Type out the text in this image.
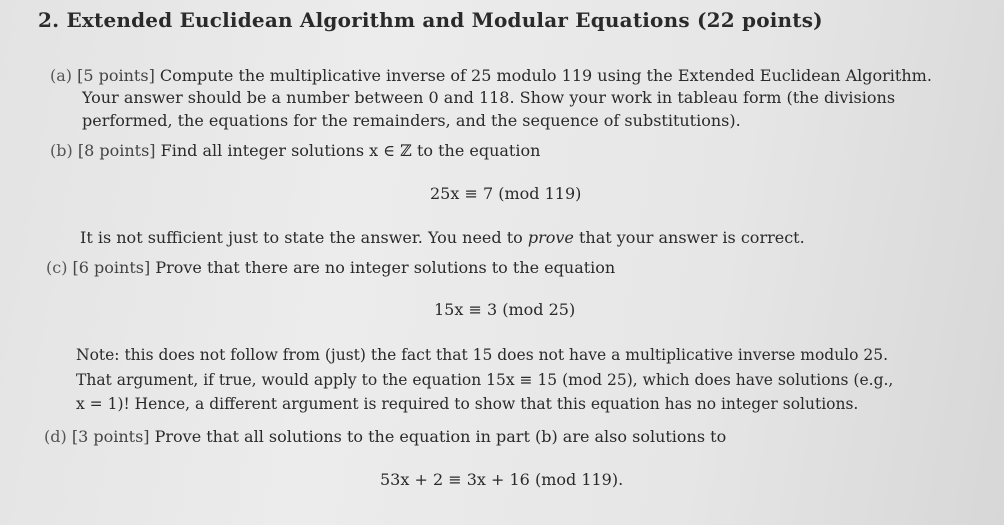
2. Extended Euclidean Algorithm and Modular Equations (22 points)
(a) [5 points] Compute the multiplicative inverse of 25 modulo 119 using the Extended Euclidean Algorithm.
Your answer should be a number between 0 and 118. Show your work in tableau form (the divisions
performed, the equations for the remainders, and the sequence of substitutions).
(b) [8 points] Find all integer solutions x ∈ ℤ to the equation
25x ≡ 7 (mod 119)
It is not sufficient just to state the answer. You need to prove that your answer is correct.
(c) [6 points] Prove that there are no integer solutions to the equation
15x ≡ 3 (mod 25)
Note: this does not follow from (just) the fact that 15 does not have a multiplicative inverse modulo 25.
That argument, if true, would apply to the equation 15x ≡ 15 (mod 25), which does have solutions (e.g.,
x = 1)! Hence, a different argument is required to show that this equation has no integer solutions.
(d) [3 points] Prove that all solutions to the equation in part (b) are also solutions to
53x + 2 ≡ 3x + 16 (mod 119).
